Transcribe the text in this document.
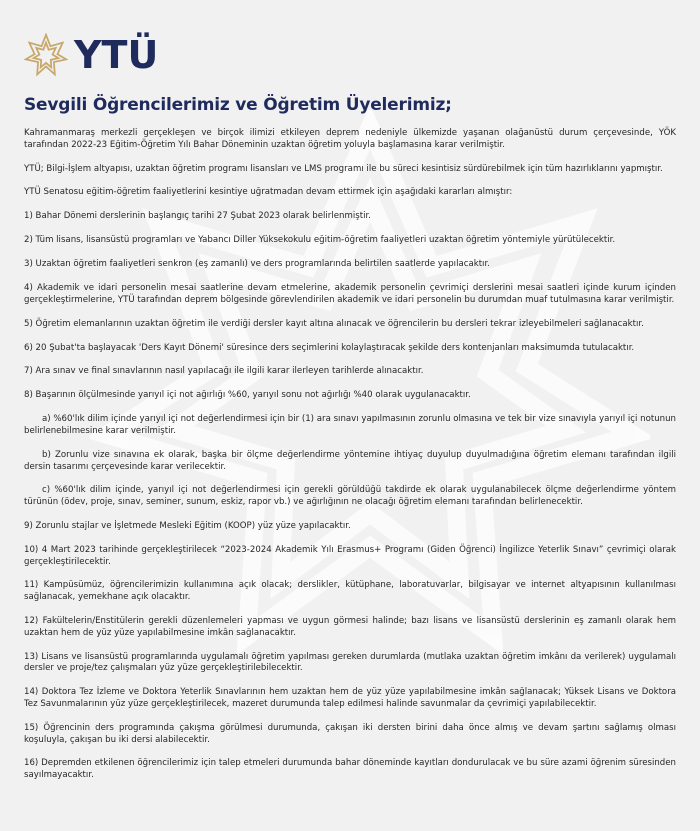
YTÜ
Sevgili Öğrencilerimiz ve Öğretim Üyelerimiz;

Kahramanmaraş merkezli gerçekleşen ve birçok ilimizi etkileyen deprem nedeniyle ülkemizde yaşanan olağanüstü durum çerçevesinde, YÖK tarafından 2022-23 Eğitim-Öğretim Yılı Bahar Döneminin uzaktan öğretim yoluyla başlamasına karar verilmiştir.

YTÜ; Bilgi-İşlem altyapısı, uzaktan öğretim programı lisansları ve LMS programı ile bu süreci kesintisiz sürdürebilmek için tüm hazırlıklarını yapmıştır.

YTÜ Senatosu eğitim-öğretim faaliyetlerini kesintiye uğratmadan devam ettirmek için aşağıdaki kararları almıştır:

1) Bahar Dönemi derslerinin başlangıç tarihi 27 Şubat 2023 olarak belirlenmiştir.

2) Tüm lisans, lisansüstü programları ve Yabancı Diller Yüksekokulu eğitim-öğretim faaliyetleri uzaktan öğretim yöntemiyle yürütülecektir.

3) Uzaktan öğretim faaliyetleri senkron (eş zamanlı) ve ders programlarında belirtilen saatlerde yapılacaktır.

4) Akademik ve idari personelin mesai saatlerine devam etmelerine, akademik personelin çevrimiçi derslerini mesai saatleri içinde kurum içinden gerçekleştirmelerine, YTÜ tarafından deprem bölgesinde görevlendirilen akademik ve idari personelin bu durumdan muaf tutulmasına karar verilmiştir.

5) Öğretim elemanlarının uzaktan öğretim ile verdiği dersler kayıt altına alınacak ve öğrencilerin bu dersleri tekrar izleyebilmeleri sağlanacaktır.

6) 20 Şubat'ta başlayacak 'Ders Kayıt Dönemi' süresince ders seçimlerini kolaylaştıracak şekilde ders kontenjanları maksimumda tutulacaktır.

7) Ara sınav ve final sınavlarının nasıl yapılacağı ile ilgili karar ilerleyen tarihlerde alınacaktır.

8) Başarının ölçülmesinde yarıyıl içi not ağırlığı %60, yarıyıl sonu not ağırlığı %40 olarak uygulanacaktır.

a) %60'lık dilim içinde yarıyıl içi not değerlendirmesi için bir (1) ara sınavı yapılmasının zorunlu olmasına ve tek bir vize sınavıyla yarıyıl içi notunun belirlenebilmesine karar verilmiştir.

b) Zorunlu vize sınavına ek olarak, başka bir ölçme değerlendirme yöntemine ihtiyaç duyulup duyulmadığına öğretim elemanı tarafından ilgili dersin tasarımı çerçevesinde karar verilecektir.

c) %60'lık dilim içinde, yarıyıl içi not değerlendirmesi için gerekli görüldüğü takdirde ek olarak uygulanabilecek ölçme değerlendirme yöntem türünün (ödev, proje, sınav, seminer, sunum, eskiz, rapor vb.) ve ağırlığının ne olacağı öğretim elemanı tarafından belirlenecektir.

9) Zorunlu stajlar ve İşletmede Mesleki Eğitim (KOOP) yüz yüze yapılacaktır.

10) 4 Mart 2023 tarihinde gerçekleştirilecek “2023-2024 Akademik Yılı Erasmus+ Programı (Giden Öğrenci) İngilizce Yeterlik Sınavı” çevrimiçi olarak gerçekleştirilecektir.

11) Kampüsümüz, öğrencilerimizin kullanımına açık olacak; derslikler, kütüphane, laboratuvarlar, bilgisayar ve internet altyapısının kullanılması sağlanacak, yemekhane açık olacaktır.

12) Fakültelerin/Enstitülerin gerekli düzenlemeleri yapması ve uygun görmesi halinde; bazı lisans ve lisansüstü derslerinin eş zamanlı olarak hem uzaktan hem de yüz yüze yapılabilmesine imkân sağlanacaktır.

13) Lisans ve lisansüstü programlarında uygulamalı öğretim yapılması gereken durumlarda (mutlaka uzaktan öğretim imkânı da verilerek) uygulamalı dersler ve proje/tez çalışmaları yüz yüze gerçekleştirilebilecektir.

14) Doktora Tez İzleme ve Doktora Yeterlik Sınavlarının hem uzaktan hem de yüz yüze yapılabilmesine imkân sağlanacak; Yüksek Lisans ve Doktora Tez Savunmalarının yüz yüze gerçekleştirilecek, mazeret durumunda talep edilmesi halinde savunmalar da çevrimiçi yapılabilecektir.

15) Öğrencinin ders programında çakışma görülmesi durumunda, çakışan iki dersten birini daha önce almış ve devam şartını sağlamış olması koşuluyla, çakışan bu iki dersi alabilecektir.

16) Depremden etkilenen öğrencilerimiz için talep etmeleri durumunda bahar döneminde kayıtları dondurulacak ve bu süre azami öğrenim süresinden sayılmayacaktır.
